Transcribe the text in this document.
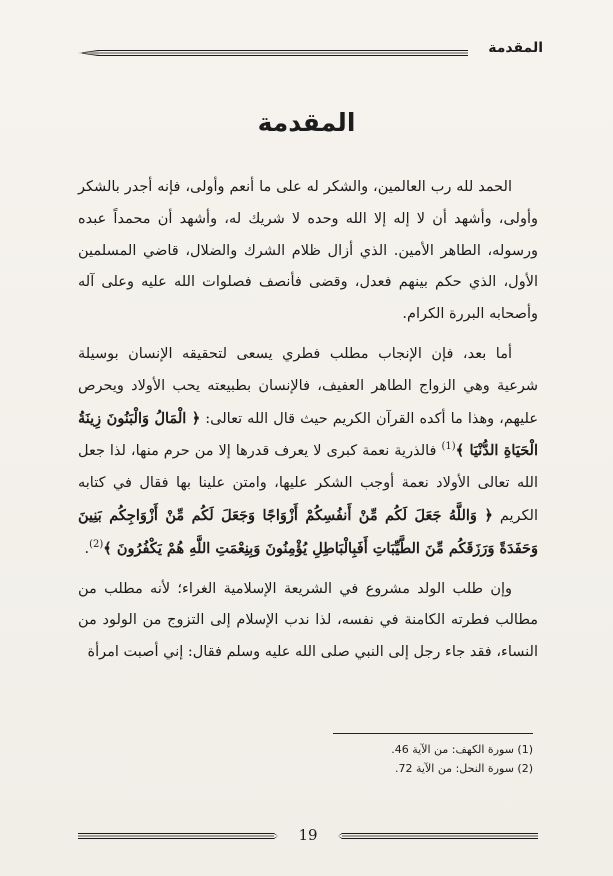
المقدمة
المقدمة

الحمد لله رب العالمين، والشكر له على ما أنعم وأولى، فإنه أجدر بالشكر وأولى، وأشهد أن لا إله إلا الله وحده لا شريك له، وأشهد أن محمداً عبده ورسوله، الطاهر الأمين. الذي أزال ظلام الشرك والضلال، قاضي المسلمين الأول، الذي حكم بينهم فعدل، وقضى فأنصف فصلوات الله عليه وعلى آله وأصحابه البررة الكرام.

أما بعد، فإن الإنجاب مطلب فطري يسعى لتحقيقه الإنسان بوسيلة شرعية وهي الزواج الطاهر العفيف، فالإنسان بطبيعته يحب الأولاد ويحرص عليهم، وهذا ما أكده القرآن الكريم حيث قال الله تعالى: ﴿ الْمَالُ وَالْبَنُونَ زِينَةُ الْحَيَاةِ الدُّنْيَا ﴾$^{(1)}$ فالذرية نعمة كبرى لا يعرف قدرها إلا من حرم منها، لذا جعل الله تعالى الأولاد نعمة أوجب الشكر عليها، وامتن علينا بها فقال في كتابه الكريم ﴿ وَاللَّهُ جَعَلَ لَكُم مِّنْ أَنفُسِكُمْ أَزْوَاجًا وَجَعَلَ لَكُم مِّنْ أَزْوَاجِكُم بَنِينَ وَحَفَدَةً وَرَزَقَكُم مِّنَ الطَّيِّبَاتِ أَفَبِالْبَاطِلِ يُؤْمِنُونَ وَبِنِعْمَتِ اللَّهِ هُمْ يَكْفُرُونَ ﴾$^{(2)}$.

وإن طلب الولد مشروع في الشريعة الإسلامية الغراء؛ لأنه مطلب من مطالب فطرته الكامنة في نفسه، لذا ندب الإسلام إلى التزوج من الولود من النساء، فقد جاء رجل إلى النبي صلى الله عليه وسلم فقال: إني أصبت امرأة

(1) سورة الكهف: من الآية 46.

(2) سورة النحل: من الآية 72.

19
